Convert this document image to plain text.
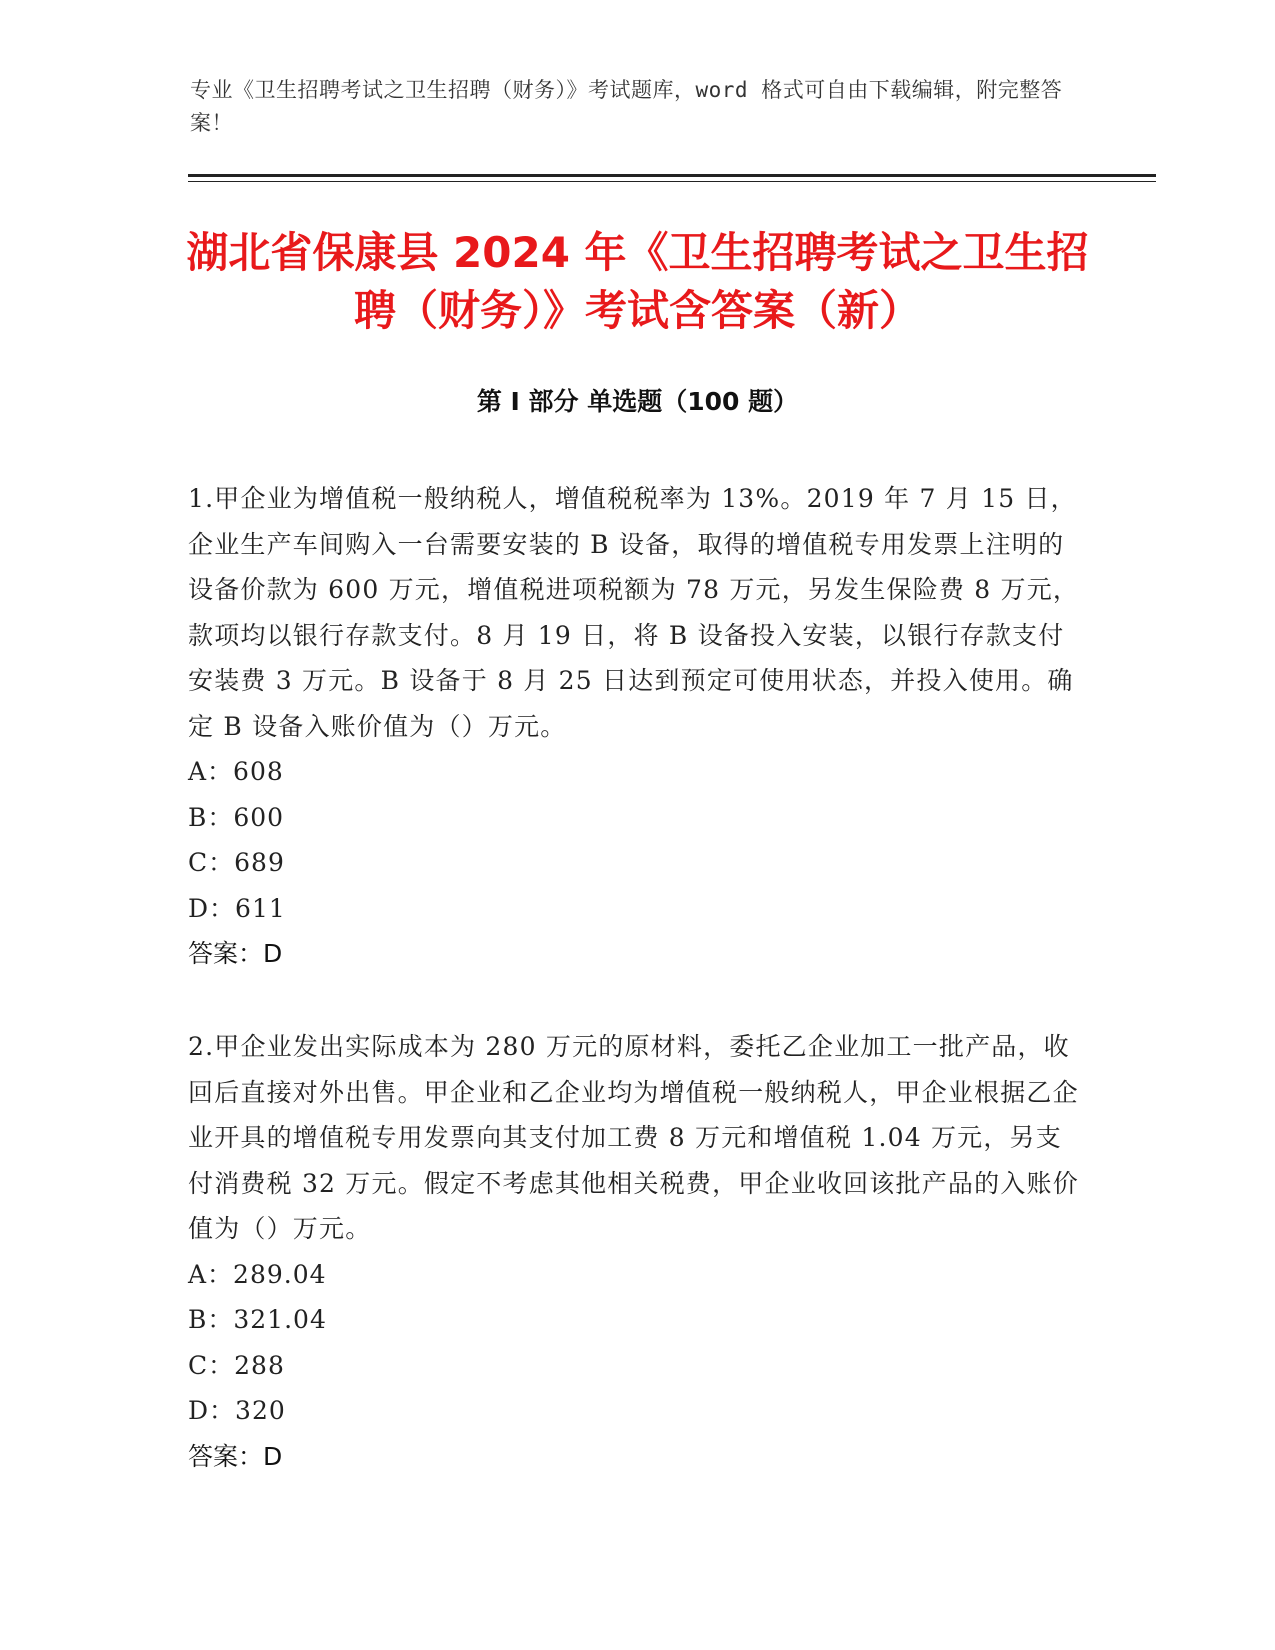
专业《卫生招聘考试之卫生招聘（财务）》考试题库，word 格式可自由下载编辑，附完整答案！
湖北省保康县 2024 年《卫生招聘考试之卫生招聘（财务）》考试含答案（新）
第 I 部分 单选题（100 题）

1.甲企业为增值税一般纳税人，增值税税率为 13%。2019 年 7 月 15 日，企业生产车间购入一台需要安装的 B 设备，取得的增值税专用发票上注明的设备价款为 600 万元，增值税进项税额为 78 万元，另发生保险费 8 万元，款项均以银行存款支付。8 月 19 日，将 B 设备投入安装，以银行存款支付安装费 3 万元。B 设备于 8 月 25 日达到预定可使用状态，并投入使用。确定 B 设备入账价值为（）万元。

A：608
B：600
C：689
D：611

答案：D

2.甲企业发出实际成本为 280 万元的原材料，委托乙企业加工一批产品，收回后直接对外出售。甲企业和乙企业均为增值税一般纳税人，甲企业根据乙企业开具的增值税专用发票向其支付加工费 8 万元和增值税 1.04 万元，另支付消费税 32 万元。假定不考虑其他相关税费，甲企业收回该批产品的入账价值为（）万元。

A：289.04
B：321.04
C：288
D：320

答案：D
